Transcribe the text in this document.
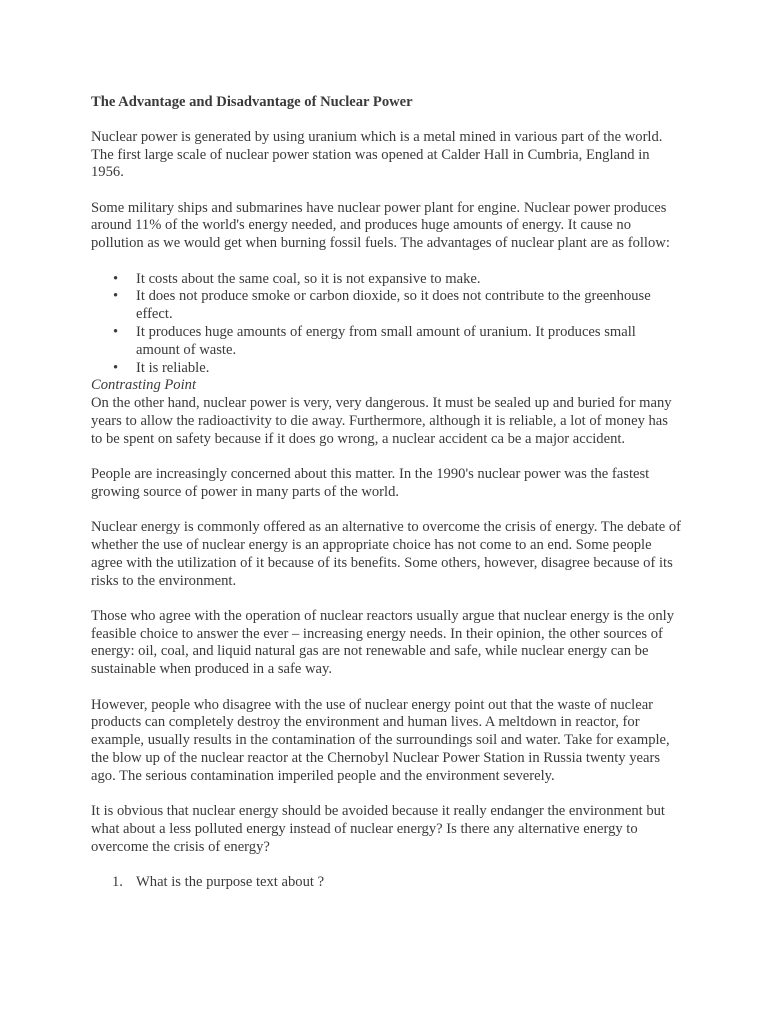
The Advantage and Disadvantage of Nuclear Power

Nuclear power is generated by using uranium which is a metal mined in various part of the world. The first large scale of nuclear power station was opened at Calder Hall in Cumbria, England in 1956.

Some military ships and submarines have nuclear power plant for engine. Nuclear power produces around 11% of the world's energy needed, and produces huge amounts of energy. It cause no pollution as we would get when burning fossil fuels. The advantages of nuclear plant are as follow:

• It costs about the same coal, so it is not expansive to make.
• It does not produce smoke or carbon dioxide, so it does not contribute to the greenhouse effect.
• It produces huge amounts of energy from small amount of uranium. It produces small amount of waste.
• It is reliable.
Contrasting Point

On the other hand, nuclear power is very, very dangerous. It must be sealed up and buried for many years to allow the radioactivity to die away. Furthermore, although it is reliable, a lot of money has to be spent on safety because if it does go wrong, a nuclear accident ca be a major accident.

People are increasingly concerned about this matter. In the 1990's nuclear power was the fastest growing source of power in many parts of the world.

Nuclear energy is commonly offered as an alternative to overcome the crisis of energy. The debate of whether the use of nuclear energy is an appropriate choice has not come to an end. Some people agree with the utilization of it because of its benefits. Some others, however, disagree because of its risks to the environment.

Those who agree with the operation of nuclear reactors usually argue that nuclear energy is the only feasible choice to answer the ever – increasing energy needs. In their opinion, the other sources of energy: oil, coal, and liquid natural gas are not renewable and safe, while nuclear energy can be sustainable when produced in a safe way.

However, people who disagree with the use of nuclear energy point out that the waste of nuclear products can completely destroy the environment and human lives. A meltdown in reactor, for example, usually results in the contamination of the surroundings soil and water. Take for example, the blow up of the nuclear reactor at the Chernobyl Nuclear Power Station in Russia twenty years ago. The serious contamination imperiled people and the environment severely.

It is obvious that nuclear energy should be avoided because it really endanger the environment but what about a less polluted energy instead of nuclear energy? Is there any alternative energy to overcome the crisis of energy?

1. What is the purpose text about ?
